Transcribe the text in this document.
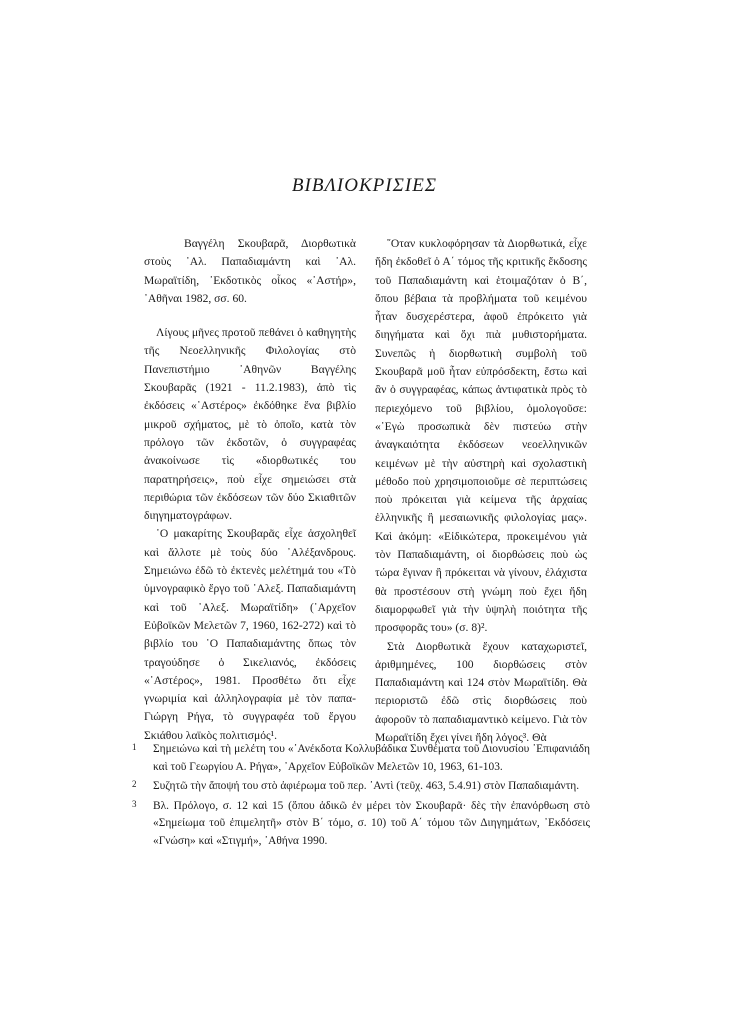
ΒΙΒΛΙΟΚΡΙΣΙΕΣ

Βαγγέλη Σκουβαρᾶ, Διορθωτικὰ στοὺς ᾿Αλ. Παπαδιαμάντη καὶ ᾿Αλ. Μωραϊτίδη, ᾿Εκδοτικὸς οἶκος «᾿Αστήρ», ᾿Αθῆναι 1982, σσ. 60.

Λίγους μῆνες προτοῦ πεθάνει ὁ καθηγητὴς τῆς Νεοελληνικῆς Φιλολογίας στὸ Πανεπιστήμιο ᾿Αθηνῶν Βαγγέλης Σκουβαρᾶς (1921 - 11.2.1983), ἀπὸ τὶς ἐκδόσεις «᾿Αστέρος» ἐκδόθηκε ἕνα βιβλίο μικροῦ σχήματος, μὲ τὸ ὁποῖο, κατὰ τὸν πρόλογο τῶν ἐκδοτῶν, ὁ συγγραφέας ἀνακοίνωσε τὶς «διορθωτικές του παρατηρήσεις», ποὺ εἶχε σημειώσει στὰ περιθώρια τῶν ἐκδόσεων τῶν δύο Σκιαθιτῶν διηγηματογράφων.

῾Ο μακαρίτης Σκουβαρᾶς εἶχε ἀσχοληθεῖ καὶ ἄλλοτε μὲ τοὺς δύο ᾿Αλέξανδρους. Σημειώνω ἐδῶ τὸ ἐκτενὲς μελέτημά του «Τὸ ὑμνογραφικὸ ἔργο τοῦ ᾿Αλεξ. Παπαδιαμάντη καὶ τοῦ ᾿Αλεξ. Μωραϊτίδη» (᾿Αρχεῖον Εὐβοϊκῶν Μελετῶν 7, 1960, 162-272) καὶ τὸ βιβλίο του ῾Ο Παπαδιαμάντης ὅπως τὸν τραγούδησε ὁ Σικελιανός, ἐκδόσεις «᾿Αστέρος», 1981. Προσθέτω ὅτι εἶχε γνωριμία καὶ ἀλληλογραφία μὲ τὸν παπα-Γιώργη Ρήγα, τὸ συγγραφέα τοῦ ἔργου Σκιάθου λαϊκὸς πολιτισμός¹.

῞Οταν κυκλοφόρησαν τὰ Διορθωτικά, εἶχε ἤδη ἐκδοθεῖ ὁ Α΄ τόμος τῆς κριτικῆς ἔκδοσης τοῦ Παπαδιαμάντη καὶ ἑτοιμαζόταν ὁ Β΄, ὅπου βέβαια τὰ προβλήματα τοῦ κειμένου ἦταν δυσχερέστερα, ἀφοῦ ἐπρόκειτο γιὰ διηγήματα καὶ ὄχι πιὰ μυθιστορήματα. Συνεπῶς ἡ διορθωτικὴ συμβολὴ τοῦ Σκουβαρᾶ μοῦ ἦταν εὐπρόσδεκτη, ἔστω καὶ ἂν ὁ συγγραφέας, κάπως ἀντιφατικὰ πρὸς τὸ περιεχόμενο τοῦ βιβλίου, ὁμολογοῦσε: «᾿Εγὼ προσωπικὰ δὲν πιστεύω στὴν ἀναγκαιότητα ἐκδόσεων νεοελληνικῶν κειμένων μὲ τὴν αὐστηρὴ καὶ σχολαστικὴ μέθοδο ποὺ χρησιμοποιοῦμε σὲ περιπτώσεις ποὺ πρόκειται γιὰ κείμενα τῆς ἀρχαίας ἑλληνικῆς ἢ μεσαιωνικῆς φιλολογίας μας». Καὶ ἀκόμη: «Εἰδικώτερα, προκειμένου γιὰ τὸν Παπαδιαμάντη, οἱ διορθώσεις ποὺ ὡς τώρα ἔγιναν ἢ πρόκειται νὰ γίνουν, ἐλάχιστα θὰ προστέσουν στὴ γνώμη ποὺ ἔχει ἤδη διαμορφωθεῖ γιὰ τὴν ὑψηλὴ ποιότητα τῆς προσφορᾶς του» (σ. 8)².

Στὰ Διορθωτικὰ ἔχουν καταχωριστεῖ, ἀριθμημένες, 100 διορθώσεις στὸν Παπαδιαμάντη καὶ 124 στὸν Μωραϊτίδη. Θὰ περιοριστῶ ἐδῶ στὶς διορθώσεις ποὺ ἀφοροῦν τὸ παπαδιαμαντικὸ κείμενο. Γιὰ τὸν Μωραϊτίδη ἔχει γίνει ἤδη λόγος³. Θὰ

1	Σημειώνω καὶ τὴ μελέτη του «᾿Ανέκδοτα Κολλυβάδικα Συνθέματα τοῦ Διονυσίου ᾿Επιφανιάδη καὶ τοῦ Γεωργίου Α. Ρήγα», ᾿Αρχεῖον Εὐβοϊκῶν Μελετῶν 10, 1963, 61-103.
2	Συζητῶ τὴν ἄποψή του στὸ ἀφιέρωμα τοῦ περ. ᾿Αντὶ (τεῦχ. 463, 5.4.91) στὸν Παπαδιαμάντη.
3	Βλ. Πρόλογο, σ. 12 καὶ 15 (ὅπου ἀδικῶ ἐν μέρει τὸν Σκουβαρᾶ· δὲς τὴν ἐπανόρθωση στὸ «Σημείωμα τοῦ ἐπιμελητῆ» στὸν Β΄ τόμο, σ. 10) τοῦ Α΄ τόμου τῶν Διηγημάτων, ᾿Εκδόσεις «Γνώση» καὶ «Στιγμή», ᾿Αθήνα 1990.
